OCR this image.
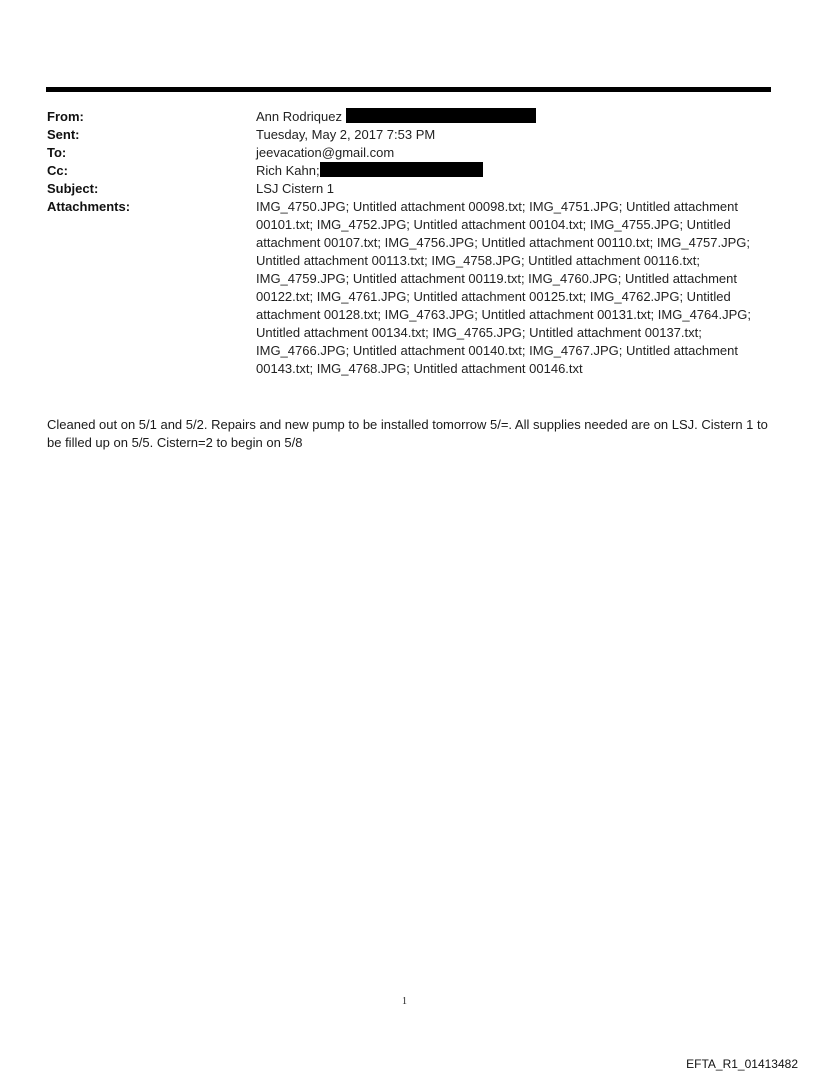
From:	Ann Rodriquez
Sent:	Tuesday, May 2, 2017 7:53 PM
To:	jeevacation@gmail.com
Cc:	Rich Kahn;
Subject:	LSJ Cistern 1
Attachments:	IMG_4750.JPG; Untitled attachment 00098.txt; IMG_4751.JPG; Untitled attachment 00101.txt; IMG_4752.JPG; Untitled attachment 00104.txt; IMG_4755.JPG; Untitled attachment 00107.txt; IMG_4756.JPG; Untitled attachment 00110.txt; IMG_4757.JPG; Untitled attachment 00113.txt; IMG_4758.JPG; Untitled attachment 00116.txt; IMG_4759.JPG; Untitled attachment 00119.txt; IMG_4760.JPG; Untitled attachment 00122.txt; IMG_4761.JPG; Untitled attachment 00125.txt; IMG_4762.JPG; Untitled attachment 00128.txt; IMG_4763.JPG; Untitled attachment 00131.txt; IMG_4764.JPG; Untitled attachment 00134.txt; IMG_4765.JPG; Untitled attachment 00137.txt; IMG_4766.JPG; Untitled attachment 00140.txt; IMG_4767.JPG; Untitled attachment 00143.txt; IMG_4768.JPG; Untitled attachment 00146.txt
Cleaned out on 5/1 and 5/2. Repairs and new pump to be installed tomorrow 5/=. All supplies needed are on LSJ. Cistern 1 to be filled up on 5/5. Cistern=2 to begin on 5/8
1
EFTA_R1_01413482
